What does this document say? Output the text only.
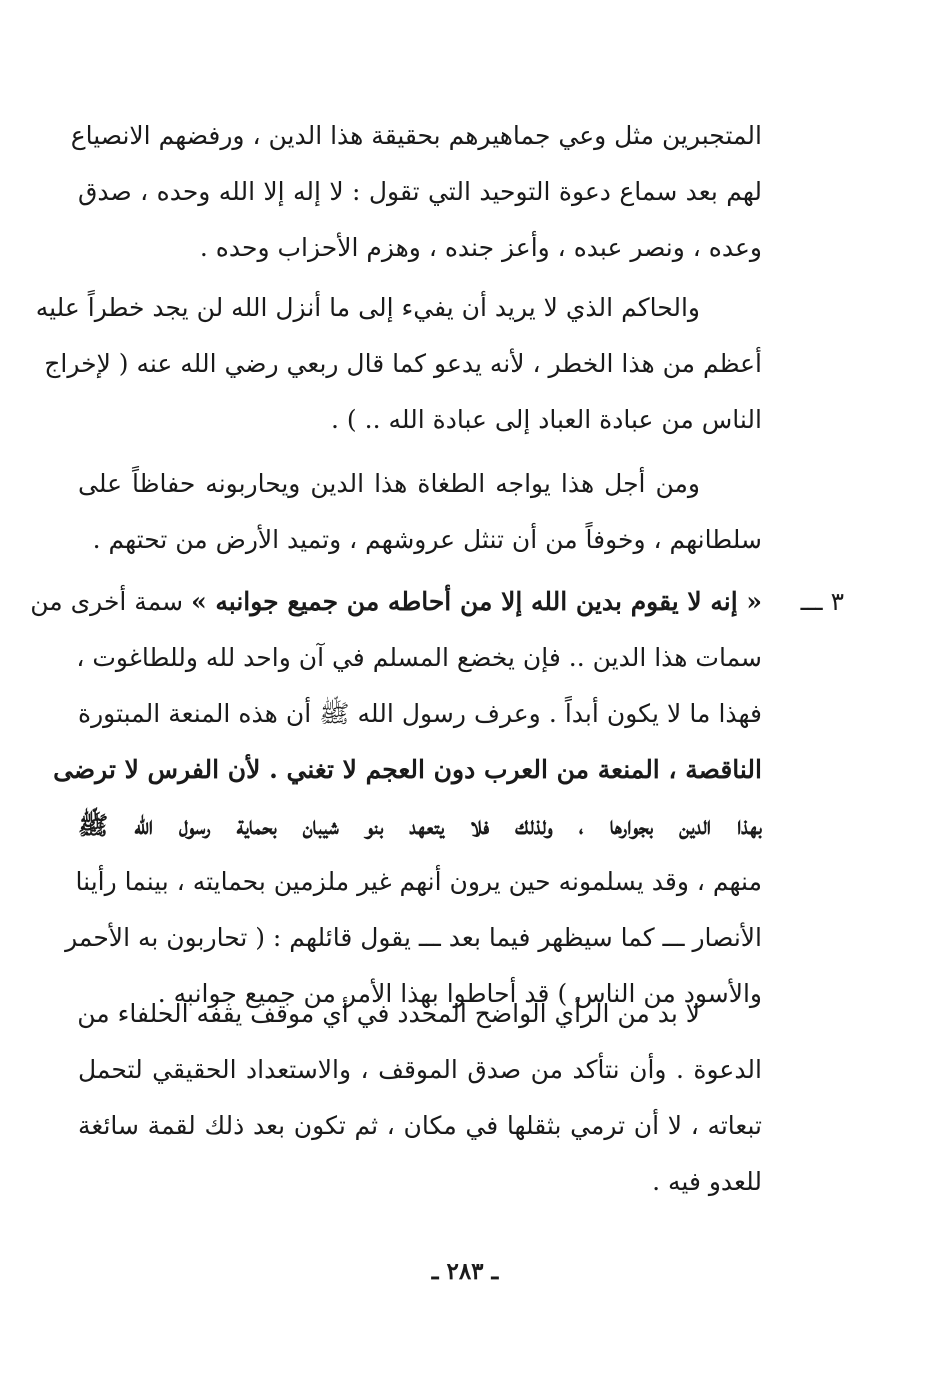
المتجبرين مثل وعي جماهيرهم بحقيقة هذا الدين ، ورفضهم الانصياع
لهم بعد سماع دعوة التوحيد التي تقول : لا إله إلا الله وحده ، صدق
وعده ، ونصر عبده ، وأعز جنده ، وهزم الأحزاب وحده .
والحاكم الذي لا يريد أن يفيء إلى ما أنزل الله لن يجد خطراً عليه
أعظم من هذا الخطر ، لأنه يدعو كما قال ربعي رضي الله عنه ( لإخراج
الناس من عبادة العباد إلى عبادة الله .. ) .
ومن أجل هذا يواجه الطغاة هذا الدين ويحاربونه حفاظاً على
سلطانهم ، وخوفاً من أن تنثل عروشهم ، وتميد الأرض من تحتهم .
٣ ـــ
« إنه لا يقوم بدين الله إلا من أحاطه من جميع جوانبه » سمة أخرى من
سمات هذا الدين .. فإن يخضع المسلم في آن واحد لله وللطاغوت ،
فهذا ما لا يكون أبداً . وعرف رسول الله ﷺ أن هذه المنعة المبتورة
الناقصة ، المنعة من العرب دون العجم لا تغني . لأن الفرس لا ترضى
بهذا الدين بجوارها ، ولذلك فلا يتعهد بنو شيبان بحماية رسول الله ﷺ
منهم ، وقد يسلمونه حين يرون أنهم غير ملزمين بحمايته ، بينما رأينا
الأنصار ـــ كما سيظهر فيما بعد ـــ يقول قائلهم : ( تحاربون به الأحمر
والأسود من الناس ) قد أحاطوا بهذا الأمر من جميع جوانبه .
لا بد من الرأي الواضح المحدد في أي موقف يقفه الحلفاء من
الدعوة . وأن نتأكد من صدق الموقف ، والاستعداد الحقيقي لتحمل
تبعاته ، لا أن ترمي بثقلها في مكان ، ثم تكون بعد ذلك لقمة سائغة
للعدو فيه .
ـ ٢٨٣ ـ
